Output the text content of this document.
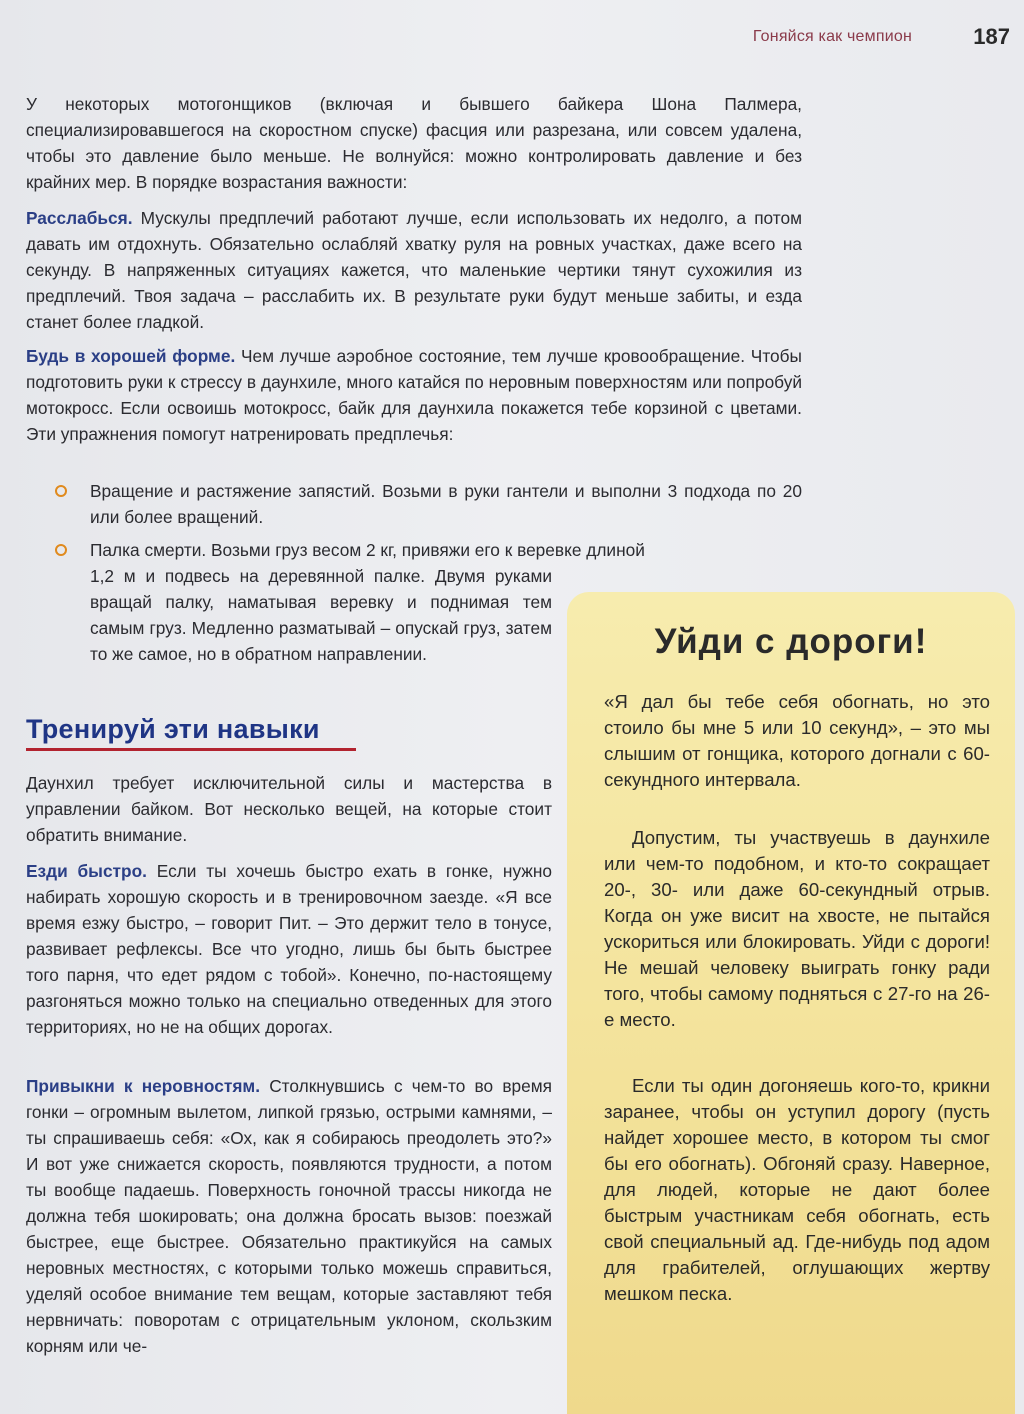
Гоняйся как чемпион	187

У некоторых мотогонщиков (включая и бывшего байкера Шона Палмера, специализировавшегося на скоростном спуске) фасция или разрезана, или совсем удалена, чтобы это давление было меньше. Не волнуйся: можно контролировать давление и без крайних мер. В порядке возрастания важности:

Расслабься. Мускулы предплечий работают лучше, если использовать их недолго, а потом давать им отдохнуть. Обязательно ослабляй хватку руля на ровных участках, даже всего на секунду. В напряженных ситуациях кажется, что маленькие чертики тянут сухожилия из предплечий. Твоя задача – расслабить их. В результате руки будут меньше забиты, и езда станет более гладкой.

Будь в хорошей форме. Чем лучше аэробное состояние, тем лучше кровообращение. Чтобы подготовить руки к стрессу в даунхиле, много катайся по неровным поверхностям или попробуй мотокросс. Если освоишь мотокросс, байк для даунхила покажется тебе корзиной с цветами. Эти упражнения помогут натренировать предплечья:

Вращение и растяжение запястий. Возьми в руки гантели и выполни 3 подхода по 20 или более вращений.

Палка смерти. Возьми груз весом 2 кг, привяжи его к веревке длиной

1,2 м и подвесь на деревянной палке. Двумя руками вращай палку, наматывая веревку и поднимая тем самым груз. Медленно разматывай – опускай груз, затем то же самое, но в обратном направлении.

Тренируй эти навыки

Даунхил требует исключительной силы и мастерства в управлении байком. Вот несколько вещей, на которые стоит обратить внимание.

Езди быстро. Если ты хочешь быстро ехать в гонке, нужно набирать хорошую скорость и в тренировочном заезде. «Я все время езжу быстро, – говорит Пит. – Это держит тело в тонусе, развивает рефлексы. Все что угодно, лишь бы быть быстрее того парня, что едет рядом с тобой». Конечно, по-настоящему разгоняться можно только на специально отведенных для этого территориях, но не на общих дорогах.

Привыкни к неровностям. Столкнувшись с чем-то во время гонки – огромным вылетом, липкой грязью, острыми камнями, – ты спрашиваешь себя: «Ох, как я собираюсь преодолеть это?» И вот уже снижается скорость, появляются трудности, а потом ты вообще падаешь. Поверхность гоночной трассы никогда не должна тебя шокировать; она должна бросать вызов: поезжай быстрее, еще быстрее. Обязательно практикуйся на самых неровных местностях, с которыми только можешь справиться, уделяй особое внимание тем вещам, которые заставляют тебя нервничать: поворотам с отрицательным уклоном, скользким корням или че-

Уйди с дороги!

«Я дал бы тебе себя обогнать, но это стоило бы мне 5 или 10 секунд», – это мы слышим от гонщика, которого догнали с 60-секундного интервала.

Допустим, ты участвуешь в даунхиле или чем-то подобном, и кто-то сокращает 20-, 30- или даже 60-секундный отрыв. Когда он уже висит на хвосте, не пытайся ускориться или блокировать. Уйди с дороги! Не мешай человеку выиграть гонку ради того, чтобы самому подняться с 27-го на 26-е место.

Если ты один догоняешь кого-то, крикни заранее, чтобы он уступил дорогу (пусть найдет хорошее место, в котором ты смог бы его обогнать). Обгоняй сразу. Наверное, для людей, которые не дают более быстрым участникам себя обогнать, есть свой специальный ад. Где-нибудь под адом для грабителей, оглушающих жертву мешком песка.
